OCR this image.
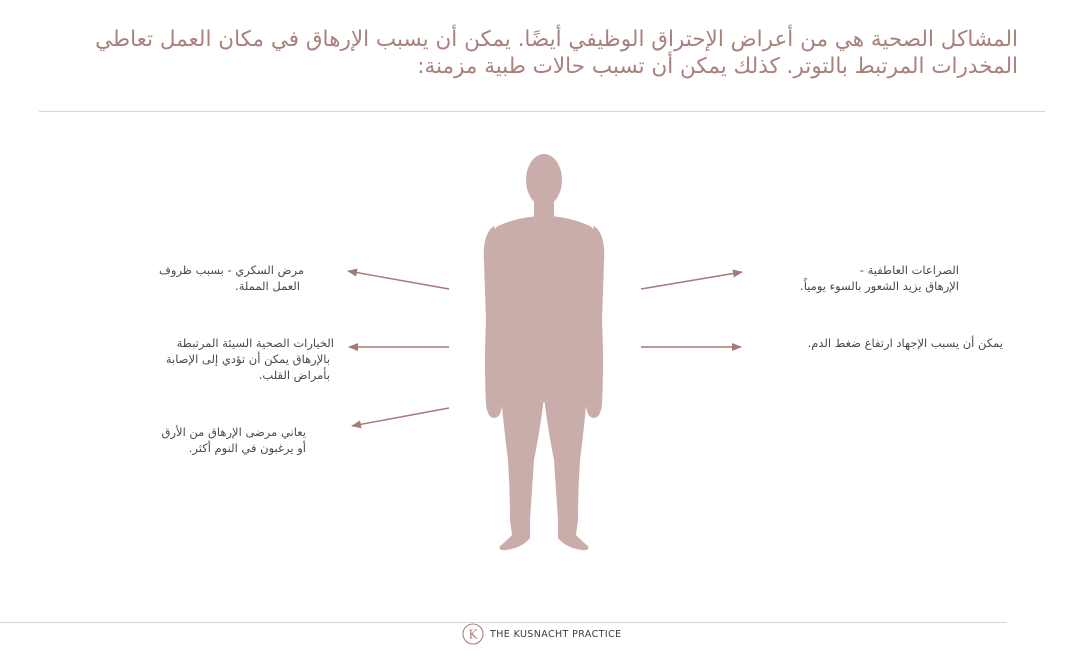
المشاكل الصحية هي من أعراض الإحتراق الوظيفي أيضًا. يمكن أن يسبب الإرهاق في مكان العمل تعاطي
المخدرات المرتبط بالتوتر. كذلك يمكن أن تسبب حالات طبية مزمنة:
مرض السكري - بسبب ظروف
العمل المملة.
الخيارات الصحية السيئة المرتبطة
بالإرهاق يمكن أن تؤدي إلى الإصابة
بأمراض القلب.
يعاني مرضى الإرهاق من الأرق
أو يرغبون في النوم أكثر.
الصراعات العاطفية -
الإرهاق يزيد الشعور بالسوء يومياً.
يمكن أن يسبب الإجهاد ارتفاع ضغط الدم.
K THE KUSNACHT PRACTICE
